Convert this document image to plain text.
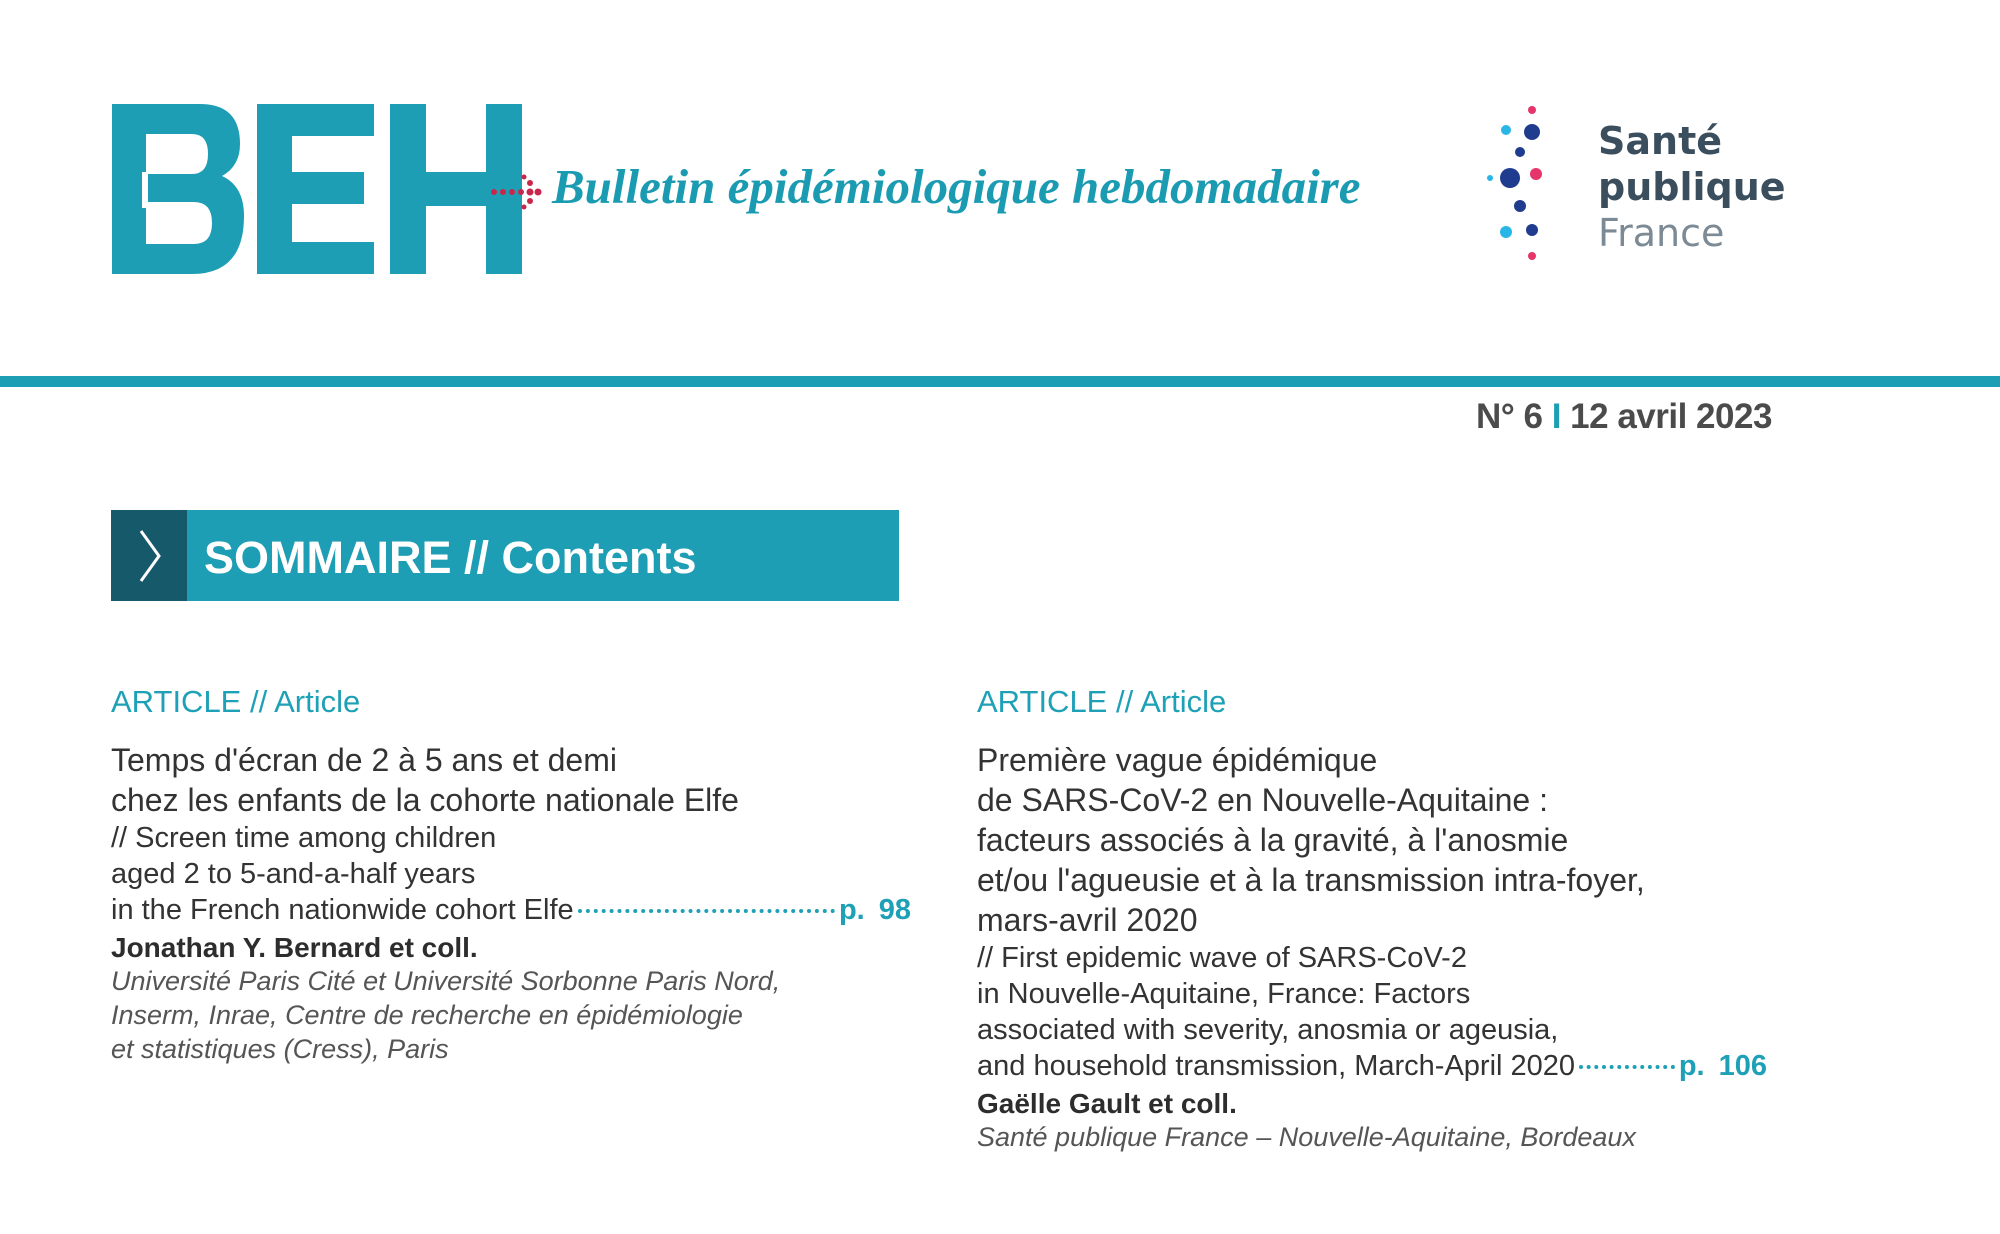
Bulletin épidémiologique hebdomadaire
Santé
publique
France
N° 6 I 12 avril 2023
SOMMAIRE // Contents
ARTICLE // Article
Temps d'écran de 2 à 5 ans et demi
chez les enfants de la cohorte nationale Elfe
// Screen time among children
aged 2 to 5-and-a-half years
in the French nationwide cohort Elfe	p. 98
Jonathan Y. Bernard et coll.
Université Paris Cité et Université Sorbonne Paris Nord,
Inserm, Inrae, Centre de recherche en épidémiologie
et statistiques (Cress), Paris
ARTICLE // Article
Première vague épidémique
de SARS-CoV-2 en Nouvelle-Aquitaine :
facteurs associés à la gravité, à l'anosmie
et/ou l'agueusie et à la transmission intra-foyer,
mars-avril 2020
// First epidemic wave of SARS-CoV-2
in Nouvelle-Aquitaine, France: Factors
associated with severity, anosmia or ageusia,
and household transmission, March-April 2020	p. 106
Gaëlle Gault et coll.
Santé publique France – Nouvelle-Aquitaine, Bordeaux
